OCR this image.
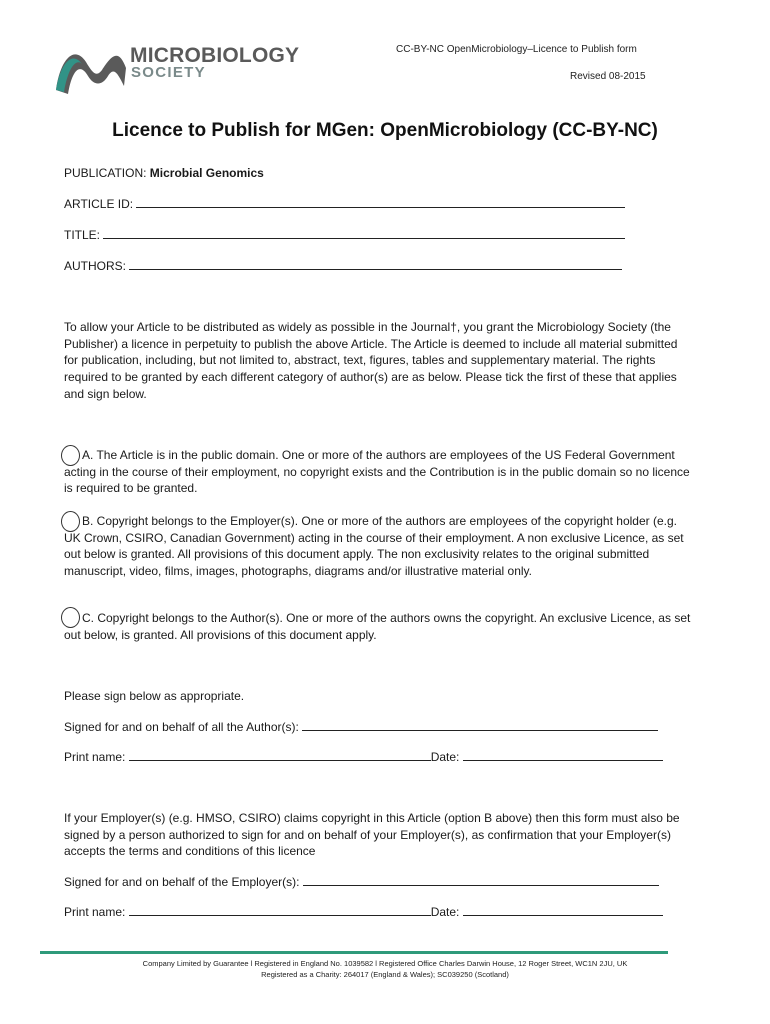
MICROBIOLOGY
SOCIETY
CC-BY-NC OpenMicrobiology–Licence to Publish form
Revised 08-2015
Licence to Publish for MGen: OpenMicrobiology (CC-BY-NC)
PUBLICATION: Microbial Genomics
ARTICLE ID:
TITLE:
AUTHORS:
To allow your Article to be distributed as widely as possible in the Journal†, you grant the Microbiology Society (the Publisher) a licence in perpetuity to publish the above Article. The Article is deemed to include all material submitted for publication, including, but not limited to, abstract, text, figures, tables and supplementary material. The rights required to be granted by each different category of author(s) are as below. Please tick the first of these that applies and sign below.
A. The Article is in the public domain. One or more of the authors are employees of the US Federal Government acting in the course of their employment, no copyright exists and the Contribution is in the public domain so no licence is required to be granted.
B. Copyright belongs to the Employer(s). One or more of the authors are employees of the copyright holder (e.g. UK Crown, CSIRO, Canadian Government) acting in the course of their employment. A non exclusive Licence, as set out below is granted. All provisions of this document apply. The non exclusivity relates to the original submitted manuscript, video, films, images, photographs, diagrams and/or illustrative material only.
C. Copyright belongs to the Author(s). One or more of the authors owns the copyright. An exclusive Licence, as set out below, is granted. All provisions of this document apply.
Please sign below as appropriate.
Signed for and on behalf of all the Author(s):
Print name:	Date:
If your Employer(s) (e.g. HMSO, CSIRO) claims copyright in this Article (option B above) then this form must also be signed by a person authorized to sign for and on behalf of your Employer(s), as confirmation that your Employer(s) accepts the terms and conditions of this licence
Signed for and on behalf of the Employer(s):
Print name:	Date:
Company Limited by Guarantee l Registered in England No. 1039582 l Registered Office Charles Darwin House, 12 Roger Street, WC1N 2JU, UK
Registered as a Charity: 264017 (England & Wales); SC039250 (Scotland)
